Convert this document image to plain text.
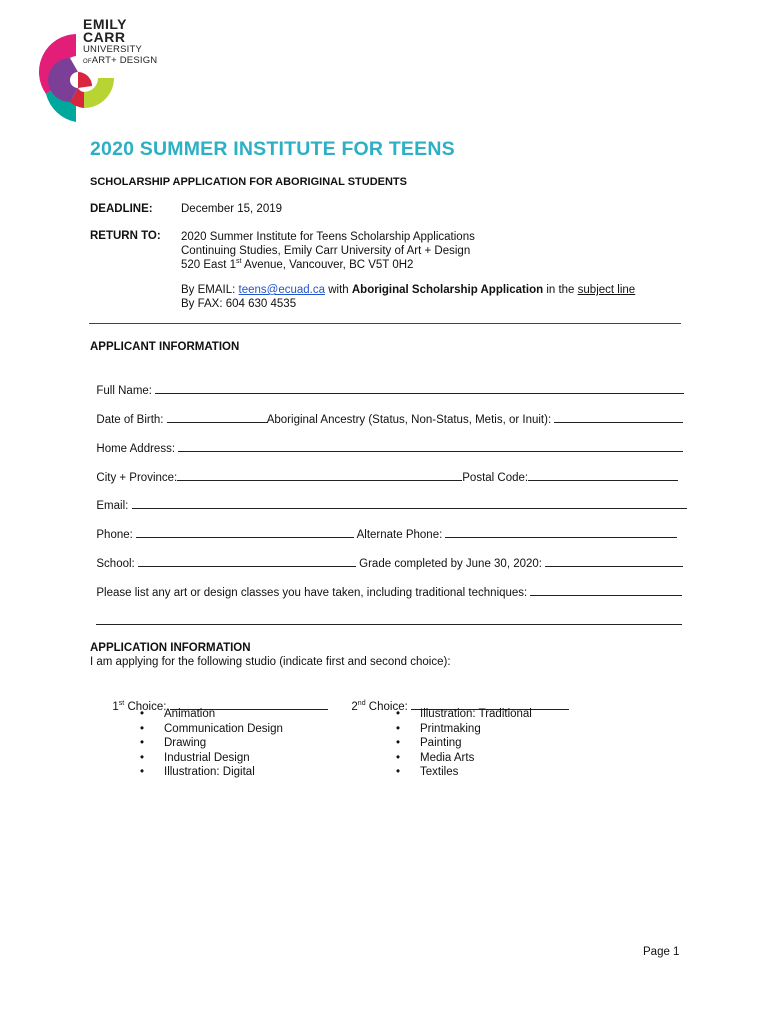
EMILY
CARR
UNIVERSITY
OFART+ DESIGN
2020 SUMMER INSTITUTE FOR TEENS
SCHOLARSHIP APPLICATION FOR ABORIGINAL STUDENTS
DEADLINE: December 15, 2019
RETURN TO: 2020 Summer Institute for Teens Scholarship Applications
Continuing Studies, Emily Carr University of Art + Design
520 East 1st Avenue, Vancouver, BC V5T 0H2
By EMAIL: teens@ecuad.ca with Aboriginal Scholarship Application in the subject line
By FAX: 604 630 4535
APPLICANT INFORMATION

Full Name:

Date of Birth:	Aboriginal Ancestry (Status, Non-Status, Metis, or Inuit):

Home Address:

City + Province:	Postal Code:

Email:

Phone:	Alternate Phone:

School:	Grade completed by June 30, 2020:

Please list any art or design classes you have taken, including traditional techniques:

APPLICATION INFORMATION
I am applying for the following studio (indicate first and second choice):

1st Choice:	2nd Choice:

• Animation
• Communication Design
• Drawing
• Industrial Design
• Illustration: Digital
• Illustration: Traditional
• Printmaking
• Painting
• Media Arts
• Textiles
Page 1
